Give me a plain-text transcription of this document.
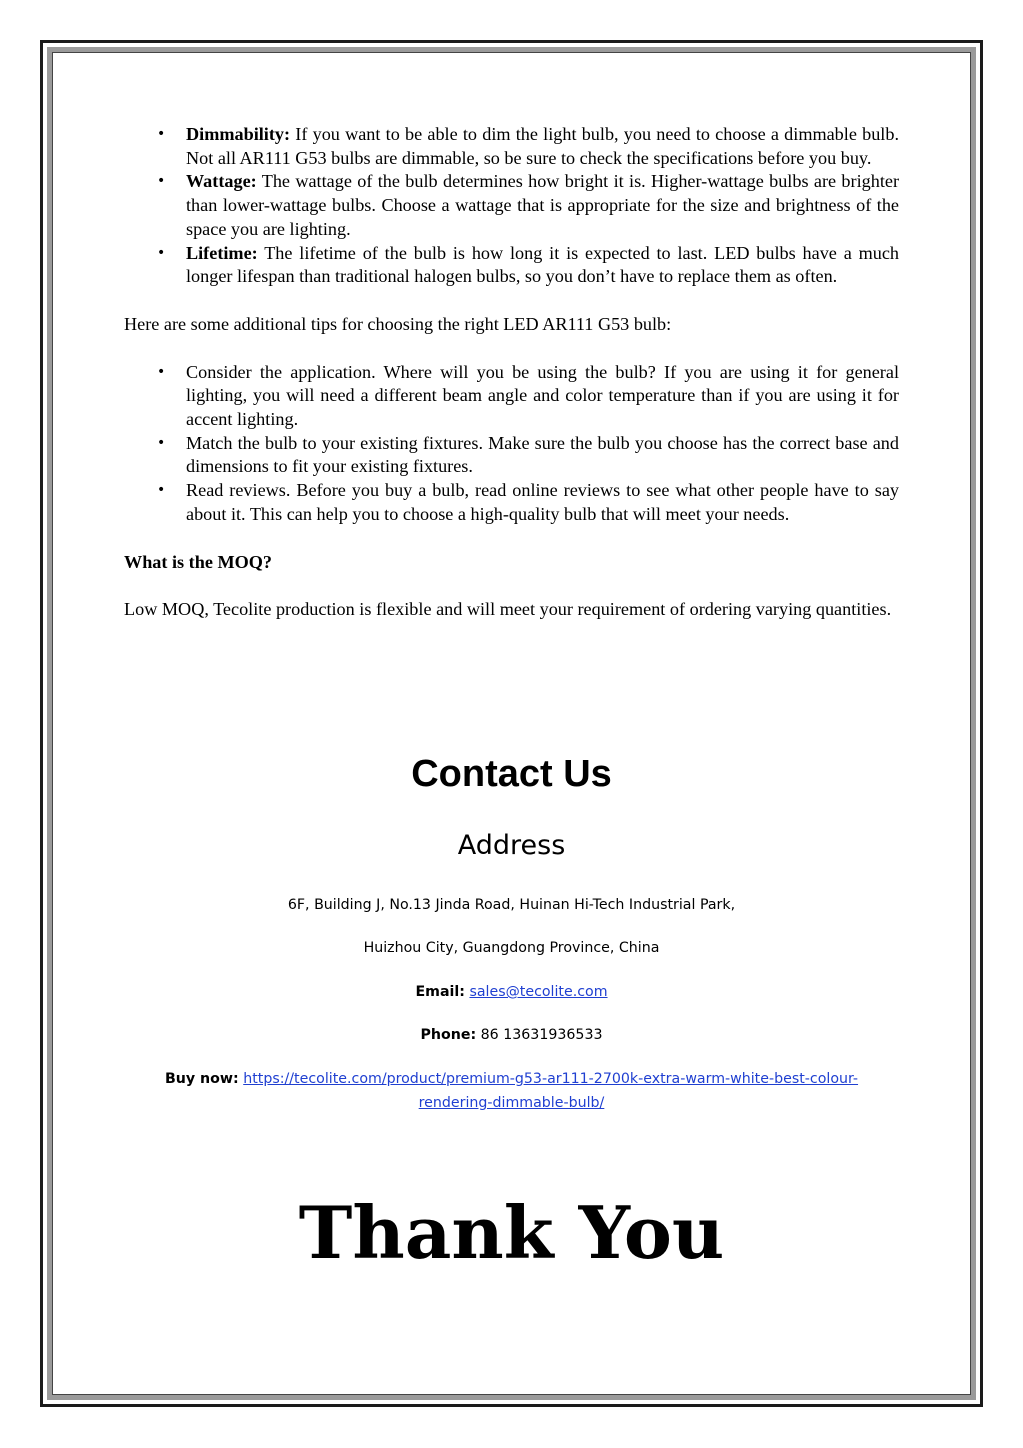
• Dimmability: If you want to be able to dim the light bulb, you need to choose a dimmable bulb. Not all AR111 G53 bulbs are dimmable, so be sure to check the specifications before you buy.
• Wattage: The wattage of the bulb determines how bright it is. Higher-wattage bulbs are brighter than lower-wattage bulbs. Choose a wattage that is appropriate for the size and brightness of the space you are lighting.
• Lifetime: The lifetime of the bulb is how long it is expected to last. LED bulbs have a much longer lifespan than traditional halogen bulbs, so you don’t have to replace them as often.

Here are some additional tips for choosing the right LED AR111 G53 bulb:

• Consider the application. Where will you be using the bulb? If you are using it for general lighting, you will need a different beam angle and color temperature than if you are using it for accent lighting.
• Match the bulb to your existing fixtures. Make sure the bulb you choose has the correct base and dimensions to fit your existing fixtures.
• Read reviews. Before you buy a bulb, read online reviews to see what other people have to say about it. This can help you to choose a high-quality bulb that will meet your needs.

What is the MOQ?

Low MOQ, Tecolite production is flexible and will meet your requirement of ordering varying quantities.

Contact Us
Address
6F, Building J, No.13 Jinda Road, Huinan Hi-Tech Industrial Park,
Huizhou City, Guangdong Province, China
Email: sales@tecolite.com
Phone: 86 13631936533
Buy now: https://tecolite.com/product/premium-g53-ar111-2700k-extra-warm-white-best-colour-
rendering-dimmable-bulb/
Thank You
